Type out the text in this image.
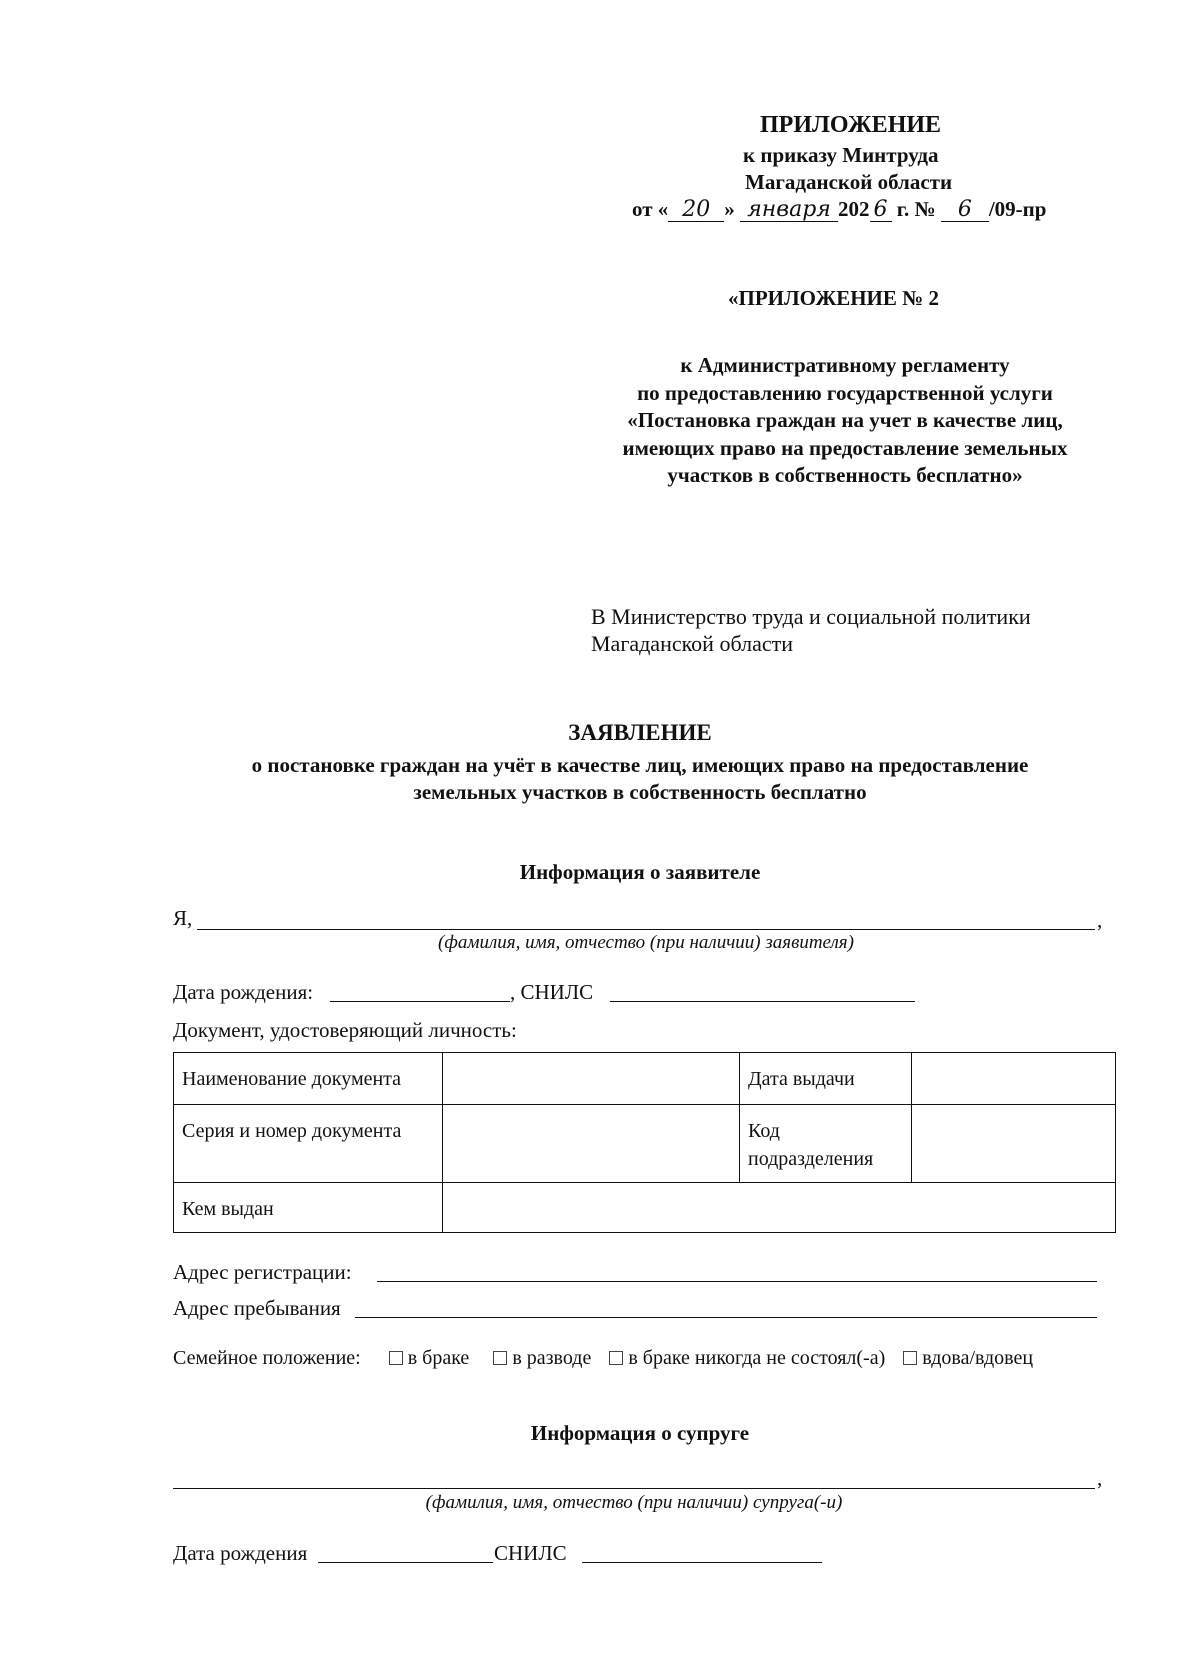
ПРИЛОЖЕНИЕ
к приказу Минтруда
Магаданской области
от « 20 » января 202 6 г. № 6 /09-пр
«ПРИЛОЖЕНИЕ № 2
к Административному регламенту
по предоставлению государственной услуги
«Постановка граждан на учет в качестве лиц,
имеющих право на предоставление земельных
участков в собственность бесплатно»
В Министерство труда и социальной политики
Магаданской области
ЗАЯВЛЕНИЕ
о постановке граждан на учёт в качестве лиц, имеющих право на предоставление
земельных участков в собственность бесплатно
Информация о заявителе
Я,	,
(фамилия, имя, отчество (при наличии) заявителя)
Дата рождения:	, СНИЛС
Документ, удостоверяющий личность:
Наименование документа		Дата выдачи	
Серия и номер документа		Код
подразделения	

Кем выдан			
Адрес регистрации:
Адрес пребывания
Семейное положение: в браке в разводе в браке никогда не состоял(-а) вдова/вдовец
Информация о супруге
,
(фамилия, имя, отчество (при наличии) супруга(-и)
Дата рождения	СНИЛС
